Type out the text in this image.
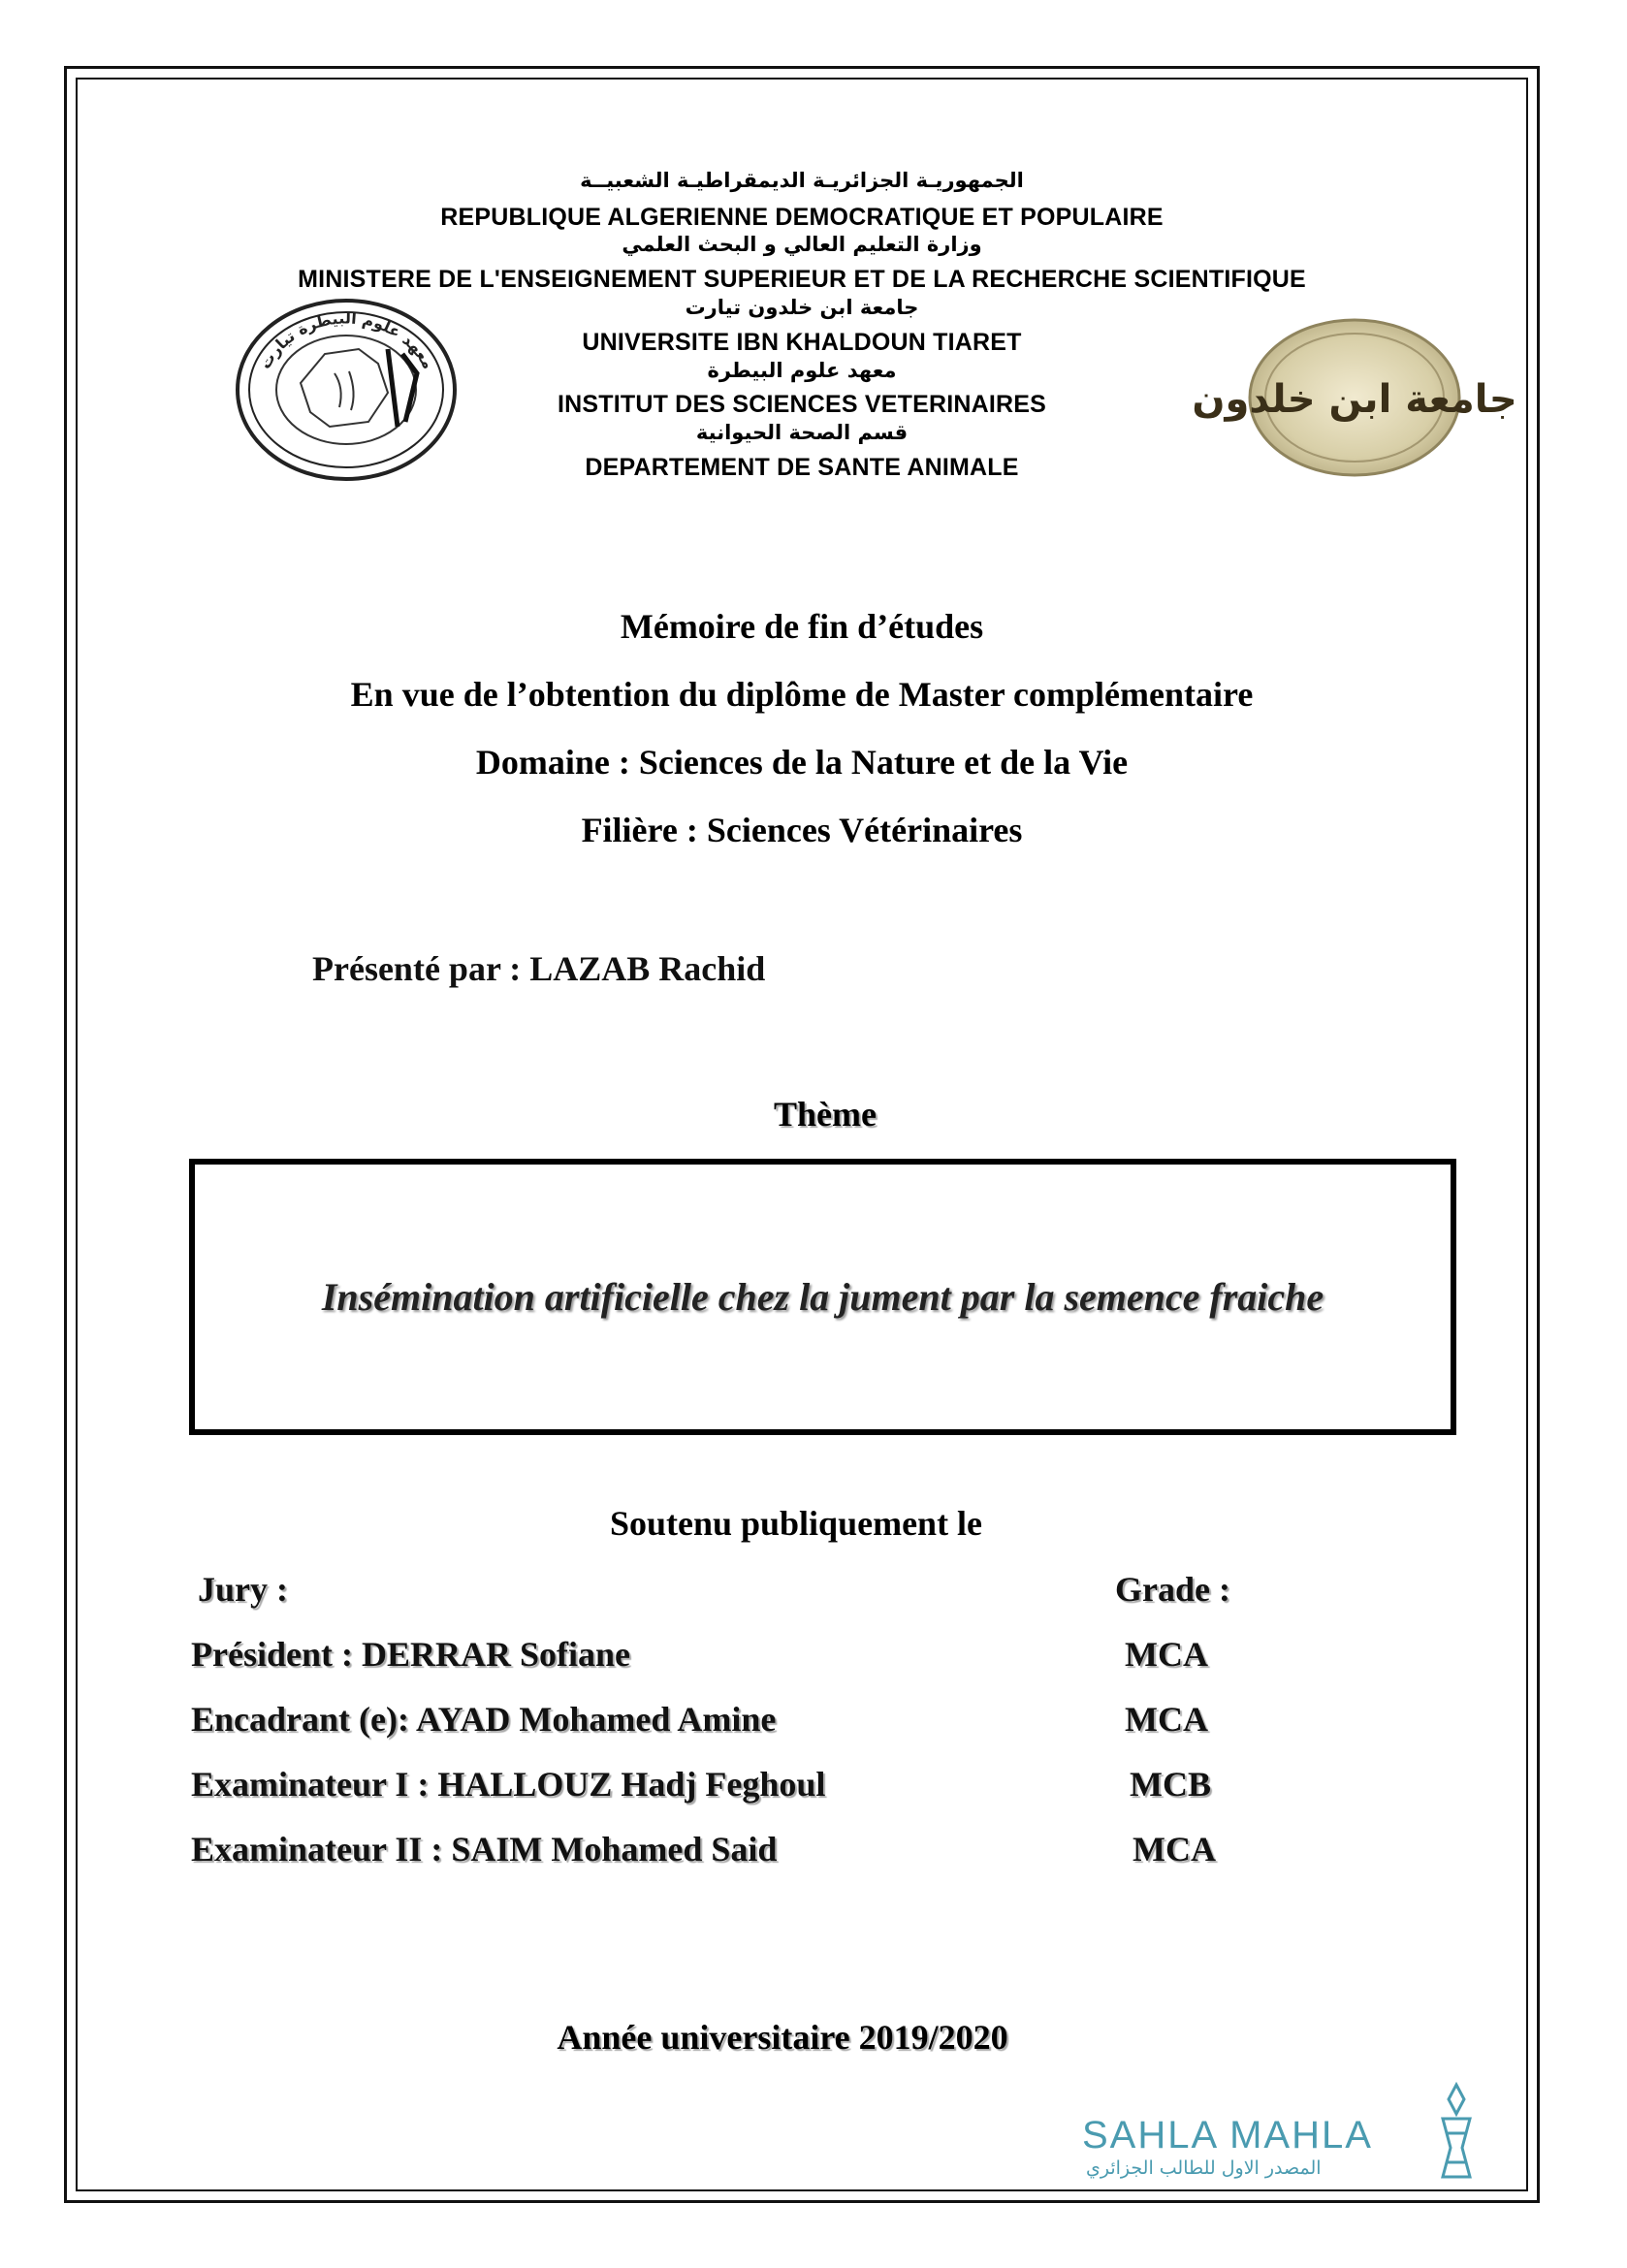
الجمهوريـة الجزائريـة الديمقراطيـة الشعبيــة
REPUBLIQUE ALGERIENNE DEMOCRATIQUE ET POPULAIRE
وزارة التعليم العالي و البحث العلمي
MINISTERE DE L'ENSEIGNEMENT SUPERIEUR ET DE LA RECHERCHE SCIENTIFIQUE
جامعة ابن خلدون تيارت
UNIVERSITE IBN KHALDOUN TIARET
معهد علوم البيطرة
INSTITUT DES SCIENCES VETERINAIRES
قسم الصحة الحيوانية
DEPARTEMENT DE SANTE ANIMALE
معهد علوم البيطرة تيارت
جامعة ابن خلدون
Mémoire de fin d’études
En vue de l’obtention du diplôme de Master complémentaire
Domaine : Sciences de la Nature et de la Vie
Filière : Sciences Vétérinaires
Présenté par : LAZAB Rachid
Thème
Insémination artificielle chez la jument par la semence fraiche
Soutenu publiquement le
Jury :	Grade :
Président : DERRAR Sofiane	MCA
Encadrant (e): AYAD Mohamed Amine	MCA
Examinateur I : HALLOUZ Hadj Feghoul	MCB
Examinateur II : SAIM Mohamed Said	MCA
Année universitaire 2019/2020
SAHLA MAHLA
المصدر الاول للطالب الجزائري
